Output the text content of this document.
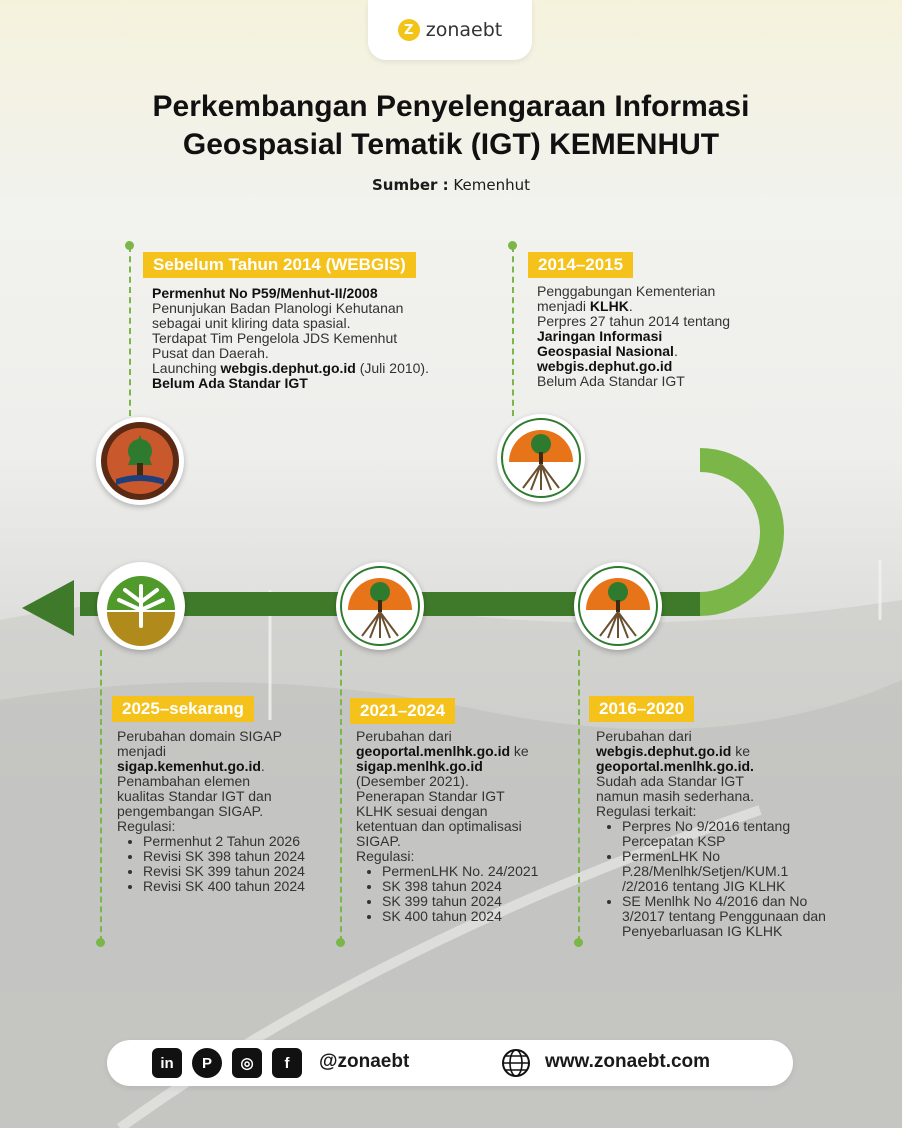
Z zonaebt
Perkembangan Penyelengaraan Informasi
Geospasial Tematik (IGT) KEMENHUT
Sumber : Kemenhut
Sebelum Tahun 2014 (WEBGIS)	2014–2015
2016–2020
2021–2024
2025–sekarang

Permenhut No P59/Menhut-II/2008

Penunjukan Badan Planologi Kehutanan

sebagai unit kliring data spasial.

Terdapat Tim Pengelola JDS Kemenhut

Pusat dan Daerah.

Launching webgis.dephut.go.id (Juli 2010).

Belum Ada Standar IGT

Penggabungan Kementerian

menjadi KLHK.

Perpres 27 tahun 2014 tentang

Jaringan Informasi

Geospasial Nasional.

webgis.dephut.go.id

Belum Ada Standar IGT

Perubahan dari

webgis.dephut.go.id ke

geoportal.menlhk.go.id.

Sudah ada Standar IGT

namun masih sederhana.

Regulasi terkait:

• Perpres No 9/2016 tentang Percepatan KSP
• PermenLHK No P.28/Menlhk/Setjen/KUM.1 /2/2016 tentang JIG KLHK
• SE Menlhk No 4/2016 dan No 3/2017 tentang Penggunaan dan Penyebarluasan IG KLHK

Perubahan dari

geoportal.menlhk.go.id ke

sigap.menlhk.go.id

(Desember 2021).

Penerapan Standar IGT

KLHK sesuai dengan

ketentuan dan optimalisasi

SIGAP.

Regulasi:

• PermenLHK No. 24/2021
• SK 398 tahun 2024
• SK 399 tahun 2024
• SK 400 tahun 2024

Perubahan domain SIGAP

menjadi

sigap.kemenhut.go.id.

Penambahan elemen

kualitas Standar IGT dan

pengembangan SIGAP.

Regulasi:

• Permenhut 2 Tahun 2026
• Revisi SK 398 tahun 2024
• Revisi SK 399 tahun 2024
• Revisi SK 400 tahun 2024
in	P	◎	f	@zonaebt	www.zonaebt.com
